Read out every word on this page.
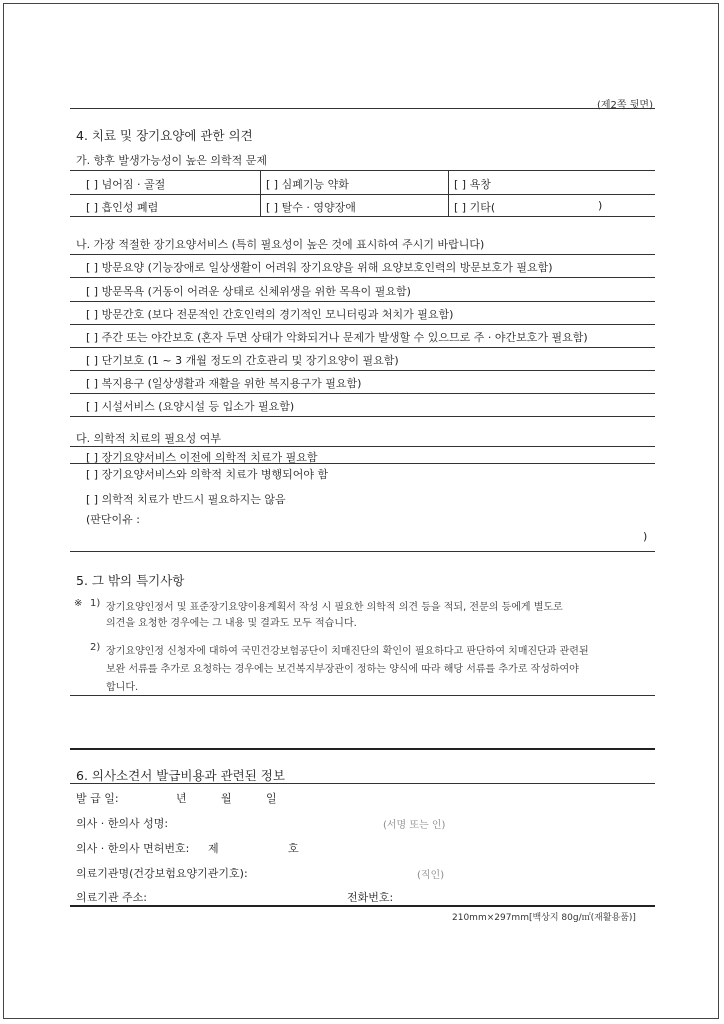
(제2쪽 뒷면)
4. 치료 및 장기요양에 관한 의견
가. 향후 발생가능성이 높은 의학적 문제
[ ] 넘어짐 · 골절	[ ] 심폐기능 약화	[ ] 욕창
[ ] 흡인성 폐렴	[ ] 탈수 · 영양장애	[ ] 기타(	)
나. 가장 적절한 장기요양서비스 (특히 필요성이 높은 것에 표시하여 주시기 바랍니다)
[ ] 방문요양 (기능장애로 일상생활이 어려워 장기요양을 위해 요양보호인력의 방문보호가 필요함)
[ ] 방문목욕 (거동이 어려운 상태로 신체위생을 위한 목욕이 필요함)
[ ] 방문간호 (보다 전문적인 간호인력의 경기적인 모니터링과 처치가 필요함)
[ ] 주간 또는 야간보호 (혼자 두면 상태가 악화되거나 문제가 발생할 수 있으므로 주 · 야간보호가 필요함)
[ ] 단기보호 (1 ~ 3 개월 정도의 간호관리 및 장기요양이 필요함)
[ ] 복지용구 (일상생활과 재활을 위한 복지용구가 필요함)
[ ] 시설서비스 (요양시설 등 입소가 필요함)
다. 의학적 치료의 필요성 여부
[ ] 장기요양서비스 이전에 의학적 치료가 필요함
[ ] 장기요양서비스와 의학적 치료가 병행되어야 함
[ ] 의학적 치료가 반드시 필요하지는 않음
(판단이유 :
)
5. 그 밖의 특기사항
※ 1) 장기요양인정서 및 표준장기요양이용계획서 작성 시 필요한 의학적 의견 등을 적되, 전문의 등에게 별도로
의견을 요청한 경우에는 그 내용 및 결과도 모두 적습니다.
2) 장기요양인정 신청자에 대하여 국민건강보험공단이 치매진단의 확인이 필요하다고 판단하여 치매진단과 관련된
보완 서류를 추가로 요청하는 경우에는 보건복지부장관이 정하는 양식에 따라 해당 서류를 추가로 작성하여야
합니다.
6. 의사소견서 발급비용과 관련된 정보
발 급 일:	년	월	일
의사 · 한의사 성명:	(서명 또는 인)
의사 · 한의사 면허번호: 제	호
의료기관명(건강보험요양기관기호):	(직인)
의료기관 주소:	전화번호:
210mm×297mm[백상지 80g/㎡(재활용품)]
